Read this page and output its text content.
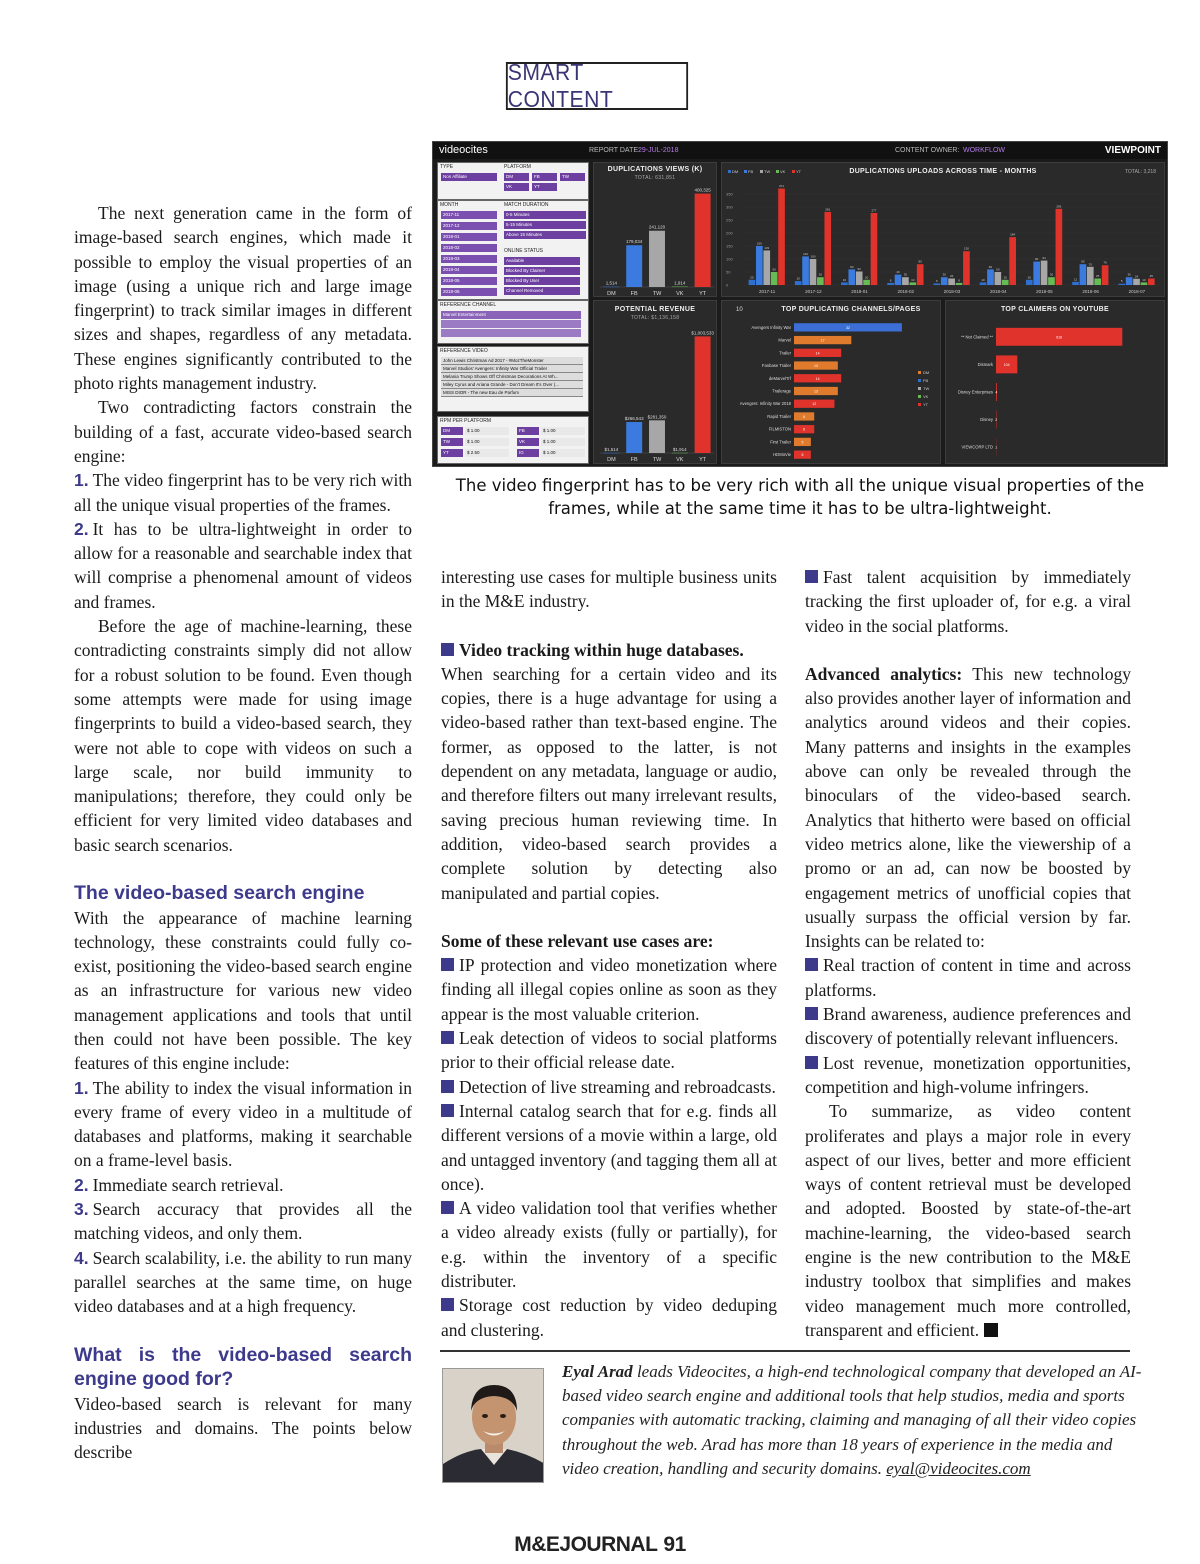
SMART CONTENT
videocites	REPORT DATE:
29-JUL-2018	CONTENT OWNER: WORKFLOW	VIEWPOINT
TYPE
Non Affiliate
PLATFORM
DM	FB	TW
VK	YT
MONTH
2017-11
2017-12
2018-01
2018-02
2018-03
2018-04
2018-05
2018-06
MATCH DURATION
0-5 Minutes
5-15 Minutes
Above 15 Minutes
ONLINE STATUS
Available
Blocked By Claimer
Blocked By User
Channel Removed
REFERENCE CHANNEL
Marvel Entertainment
REFERENCE VIDEO
John Lewis Christmas Ad 2017 - #MozTheMonster
Marvel Studios' Avengers: Infinity War Official Trailer
Melania Trump Shows Off Christmas Decorations At Wh...
Miley Cyrus and Ariana Grande - Don't Dream It's Over (...
MISS DIOR - The new Eau de Parfum
RPM PER PLATFORM
DM	$ 1.00	FB	$ 1.00
TW	$ 1.00	VK	$ 1.00
YT	$ 2.50	IG	$ 1.00
DUPLICATIONS VIEWS (K)
TOTAL: 631,851
1,514
DM
179,034
FB
241,120
TW
1,914
VK
400,325
YT
DUPLICATIONS UPLOADS ACROSS TIME - MONTHS	TOTAL: 3,218
DM FB	TW VK	YT
0
50
100
150
200
250
300
350
20
150
133
50
371
2017-11
15
110
100
30
281
2017-12
10
60
52
20
277
2018-01
8
40
30
10
80
2018-02
6
30 25
8
130
2018-03
10
60
50
20
184
2018-04
20
90 94
30
293
2018-05
12
80
70
25
76
2018-06
5
30 24
10
25
2018-07
POTENTIAL REVENUE
TOTAL: $1,136,158
$1,514
DM
$266,543
FB
$281,350
TW
$1,914
VK
$1,003,533
YT
10	TOP DUPLICATING CHANNELS/PAGES
Avengers Infinity War	32
Marvel	17
Trailer	14
Fanbase Trailer	13
deMarvelTrf	14
Trailerage	13
Avengers: Infinity War 2018	12
Rapid Trailer	6
FILMISTON	6
First Trailer	5
HDMoVie	5
DM
FB
TW
VK
YT
TOP CLAIMERS ON YOUTUBE
** Not Claimed **	616
Dismark	104
Disney Enterprises 4
Disney 2
VIEWCORP LTD 1
The video fingerprint has to be very rich with all the unique visual properties of the frames, while at the same time it has to be ultra-lightweight.

The next generation came in the form of image-based search engines, which made it possible to employ the visual properties of an image (using a unique rich and large image fingerprint) to track similar images in different sizes and shapes, regardless of any metadata. These engines significantly contributed to the photo rights management industry.

Two contradicting factors constrain the building of a fast, accurate video-based search engine:

1. The video fingerprint has to be very rich with all the unique visual properties of the frames.

2. It has to be ultra-lightweight in order to allow for a reasonable and searchable index that will comprise a phenomenal amount of videos and frames.

Before the age of machine-learning, these contradicting constraints simply did not allow for a robust solution to be found. Even though some attempts were made for using image fingerprints to build a video-based search, they were not able to cope with videos on such a large scale, nor build immunity to manipulations; therefore, they could only be efficient for very limited video databases and basic search scenarios.

The video-based search engine

With the appearance of machine learning technology, these constraints could fully co-exist, positioning the video-based search engine as an infrastructure for various new video management applications and tools that until then could not have been possible. The key features of this engine include:

1. The ability to index the visual information in every frame of every video in a multitude of databases and platforms, making it searchable on a frame-level basis.

2. Immediate search retrieval.

3. Search accuracy that provides all the matching videos, and only them.

4. Search scalability, i.e. the ability to run many parallel searches at the same time, on huge video databases and at a high frequency.

What is the video-based search engine good for?

Video-based search is relevant for many industries and domains. The points below describe

interesting use cases for multiple business units in the M&E industry.

Video tracking within huge databases.

When searching for a certain video and its copies, there is a huge advantage for using a video-based rather than text-based engine. The former, as opposed to the latter, is not dependent on any metadata, language or audio, and therefore filters out many irrelevant results, saving precious human reviewing time. In addition, video-based search provides a complete solution by detecting also manipulated and partial copies.

Some of these relevant use cases are:

IP protection and video monetization where finding all illegal copies online as soon as they appear is the most valuable criterion.

Leak detection of videos to social platforms prior to their official release date.

Detection of live streaming and rebroadcasts.

Internal catalog search that for e.g. finds all different versions of a movie within a large, old and untagged inventory (and tagging them all at once).

A video validation tool that verifies whether a video already exists (fully or partially), for e.g. within the inventory of a specific distributer.

Storage cost reduction by video deduping and clustering.

Fast talent acquisition by immediately tracking the first uploader of, for e.g. a viral video in the social platforms.

Advanced analytics: This new technology also provides another layer of information and analytics around videos and their copies. Many patterns and insights in the examples above can only be revealed through the binoculars of the video-based search. Analytics that hitherto were based on official video metrics alone, like the viewership of a promo or an ad, can now be boosted by engagement metrics of unofficial copies that usually surpass the official version by far. Insights can be related to:

Real traction of content in time and across platforms.

Brand awareness, audience preferences and discovery of potentially relevant influencers.

Lost revenue, monetization opportunities, competition and high-volume infringers.

To summarize, as video content proliferates and plays a major role in every aspect of our lives, better and more efficient ways of content retrieval must be developed and adopted. Boosted by state-of-the-art machine-learning, the video-based search engine is the new contribution to the M&E industry toolbox that simplifies and makes video management much more controlled, transparent and efficient.

Eyal Arad leads Videocites, a high-end technological company that developed an AI-based video search engine and additional tools that help studios, media and sports companies with automatic tracking, claiming and managing of all their video copies throughout the web. Arad has more than 18 years of experience in the media and video creation, handling and security domains. eyal@videocites.com
M&EJOURNAL 91
